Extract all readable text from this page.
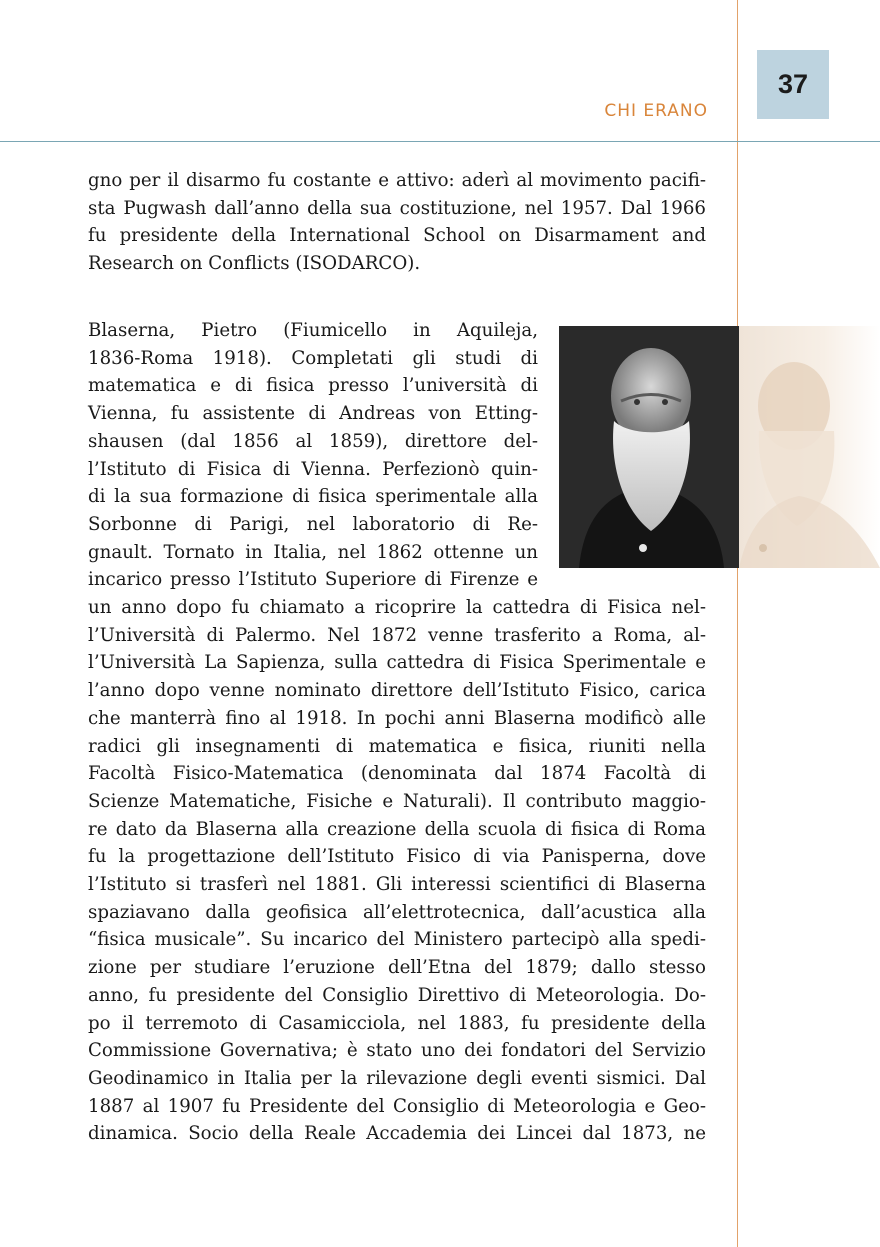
37
CHI ERANO
gno per il disarmo fu costante e attivo: aderì al movimento pacifi-
sta Pugwash dall’anno della sua costituzione, nel 1957. Dal 1966
fu presidente della International School on Disarmament and
Research on Conflicts (ISODARCO).
Blaserna, Pietro (Fiumicello in Aquileja,
1836-Roma 1918). Completati gli studi di
matematica e di fisica presso l’università di
Vienna, fu assistente di Andreas von Etting-
shausen (dal 1856 al 1859), direttore del-
l’Istituto di Fisica di Vienna. Perfezionò quin-
di la sua formazione di fisica sperimentale alla
Sorbonne di Parigi, nel laboratorio di Re-
gnault. Tornato in Italia, nel 1862 ottenne un
incarico presso l’Istituto Superiore di Firenze e
un anno dopo fu chiamato a ricoprire la cattedra di Fisica nel-
l’Università di Palermo. Nel 1872 venne trasferito a Roma, al-
l’Università La Sapienza, sulla cattedra di Fisica Sperimentale e
l’anno dopo venne nominato direttore dell’Istituto Fisico, carica
che manterrà fino al 1918. In pochi anni Blaserna modificò alle
radici gli insegnamenti di matematica e fisica, riuniti nella
Facoltà Fisico-Matematica (denominata dal 1874 Facoltà di
Scienze Matematiche, Fisiche e Naturali). Il contributo maggio-
re dato da Blaserna alla creazione della scuola di fisica di Roma
fu la progettazione dell’Istituto Fisico di via Panisperna, dove
l’Istituto si trasferì nel 1881. Gli interessi scientifici di Blaserna
spaziavano dalla geofisica all’elettrotecnica, dall’acustica alla
“fisica musicale”. Su incarico del Ministero partecipò alla spedi-
zione per studiare l’eruzione dell’Etna del 1879; dallo stesso
anno, fu presidente del Consiglio Direttivo di Meteorologia. Do-
po il terremoto di Casamicciola, nel 1883, fu presidente della
Commissione Governativa; è stato uno dei fondatori del Servizio
Geodinamico in Italia per la rilevazione degli eventi sismici. Dal
1887 al 1907 fu Presidente del Consiglio di Meteorologia e Geo-
dinamica. Socio della Reale Accademia dei Lincei dal 1873, ne
